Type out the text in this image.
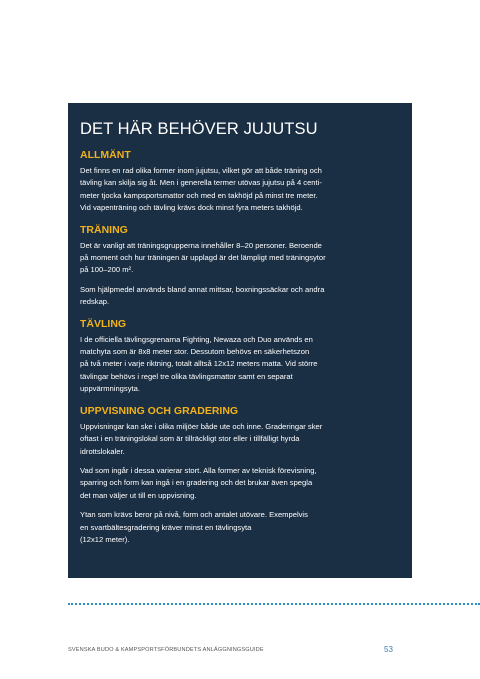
DET HÄR BEHÖVER JUJUTSU
ALLMÄNT
Det finns en rad olika former inom jujutsu, vilket gör att både träning och
tävling kan skilja sig åt. Men i generella termer utövas jujutsu på 4 centi-
meter tjocka kampsportsmattor och med en takhöjd på minst tre meter.
Vid vapenträning och tävling krävs dock minst fyra meters takhöjd.
TRÄNING
Det är vanligt att träningsgrupperna innehåller 8–20 personer. Beroende
på moment och hur träningen är upplagd är det lämpligt med träningsytor
på 100–200 m².
Som hjälpmedel används bland annat mittsar, boxningssäckar och andra
redskap.
TÄVLING
I de officiella tävlingsgrenarna Fighting, Newaza och Duo används en
matchyta som är 8x8 meter stor. Dessutom behövs en säkerhetszon
på två meter i varje riktning, totalt alltså 12x12 meters matta. Vid större
tävlingar behövs i regel tre olika tävlingsmattor samt en separat
uppvärmningsyta.
UPPVISNING OCH GRADERING
Uppvisningar kan ske i olika miljöer både ute och inne. Graderingar sker
oftast i en träningslokal som är tillräckligt stor eller i tillfälligt hyrda
idrottslokaler.
Vad som ingår i dessa varierar stort. Alla former av teknisk förevisning,
sparring och form kan ingå i en gradering och det brukar även spegla
det man väljer ut till en uppvisning.
Ytan som krävs beror på nivå, form och antalet utövare. Exempelvis
en svartbältesgradering kräver minst en tävlingsyta
(12x12 meter).
SVENSKA BUDO & KAMPSPORTSFÖRBUNDETS ANLÄGGNINGSGUIDE	53
